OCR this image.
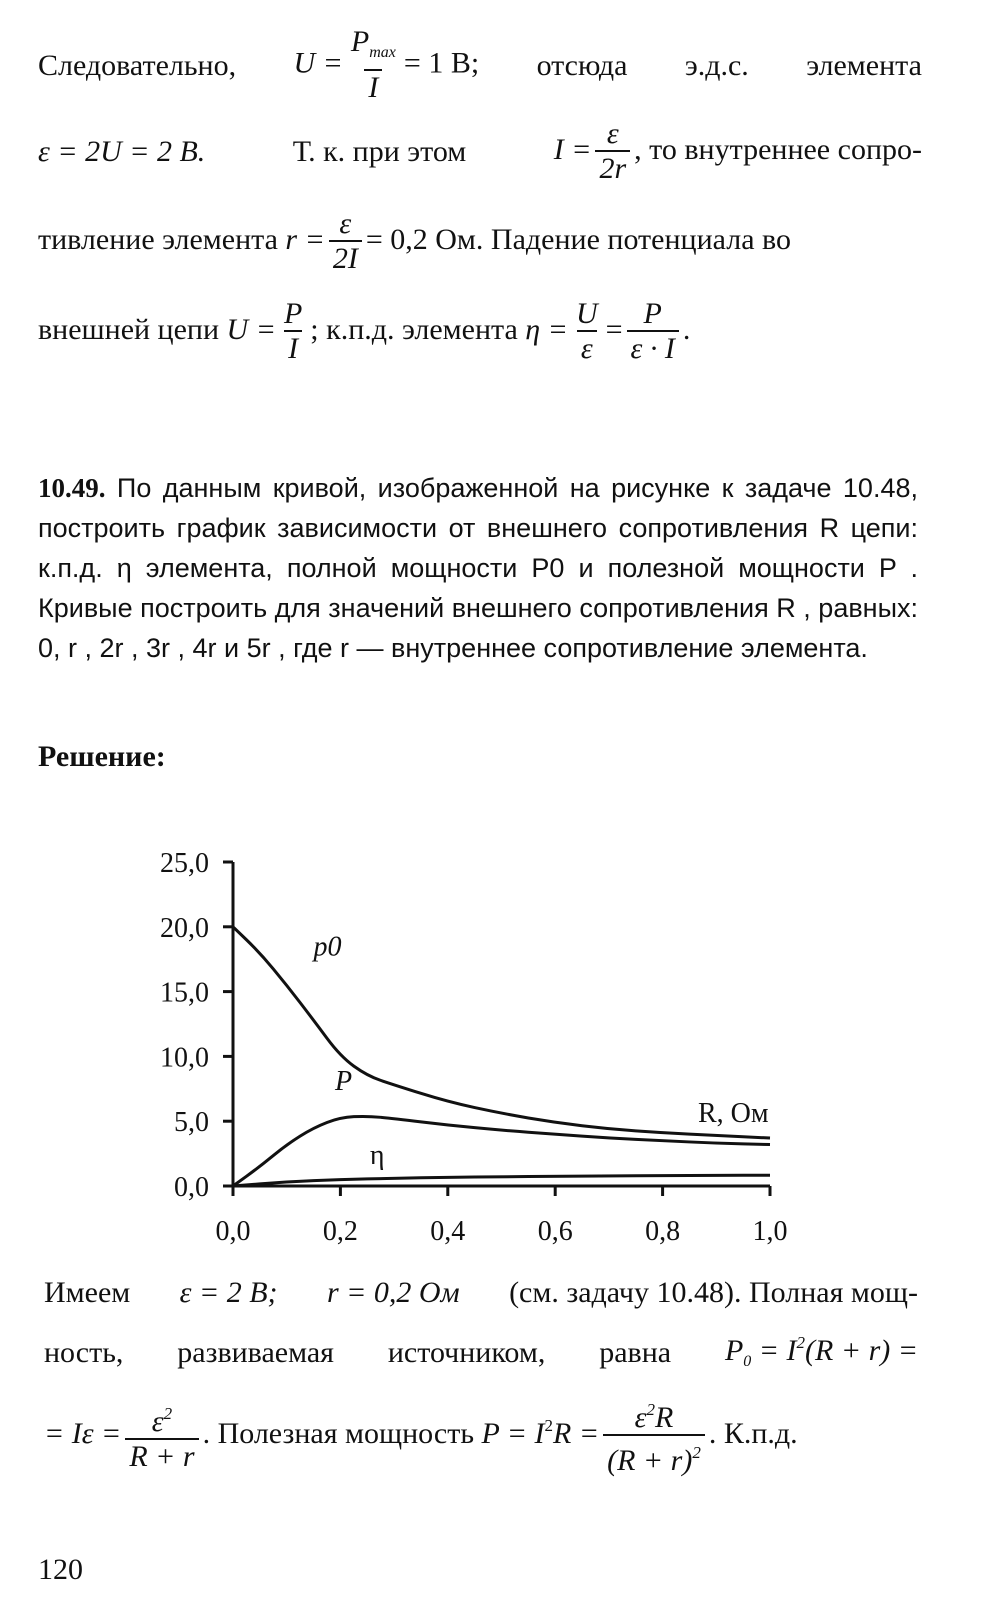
Следовательно, $U = \frac{P_{max}}{I} = 1$ В; отсюда э.д.с. элемента
ε = 2U = 2 В.	Т. к. при этом	$I = \frac{\varepsilon}{2r}$ , то внутреннее сопро-
тивление элемента $r = \frac{\varepsilon}{2I} = 0,2$ Ом. Падение потенциала во
внешней цепи $U = \frac{P}{I}$ ; к.п.д. элемента $\eta = \frac{U}{\varepsilon} = \frac{P}{\varepsilon \cdot I}$ .

10.49. По данным кривой, изображенной на рисунке к задаче 10.48, построить график зависимости от внешнего сопротивления R цепи: к.п.д. η элемента, полной мощности P0 и полезной мощности P . Кривые построить для значений внешнего сопротивления R , равных: 0, r , 2r , 3r , 4r и 5r , где r — внутреннее сопротивление элемента.

Решение:
0,0
5,0
10,0
15,0
20,0
25,0
0,0	0,2	0,4	0,6	0,8	1,0
p0
P
η
R, Ом
Имеем ε = 2 В; r = 0,2 Ом (см. задачу 10.48). Полная мощ-
ность, развиваемая источником, равна $P_0 = I^2(R + r)$ =
= $I\varepsilon = \frac{\varepsilon^2}{R + r}$ . Полезная мощность $P = I^2R = \frac{\varepsilon^2R}{(R + r)^2}$ . К.п.д.
120
